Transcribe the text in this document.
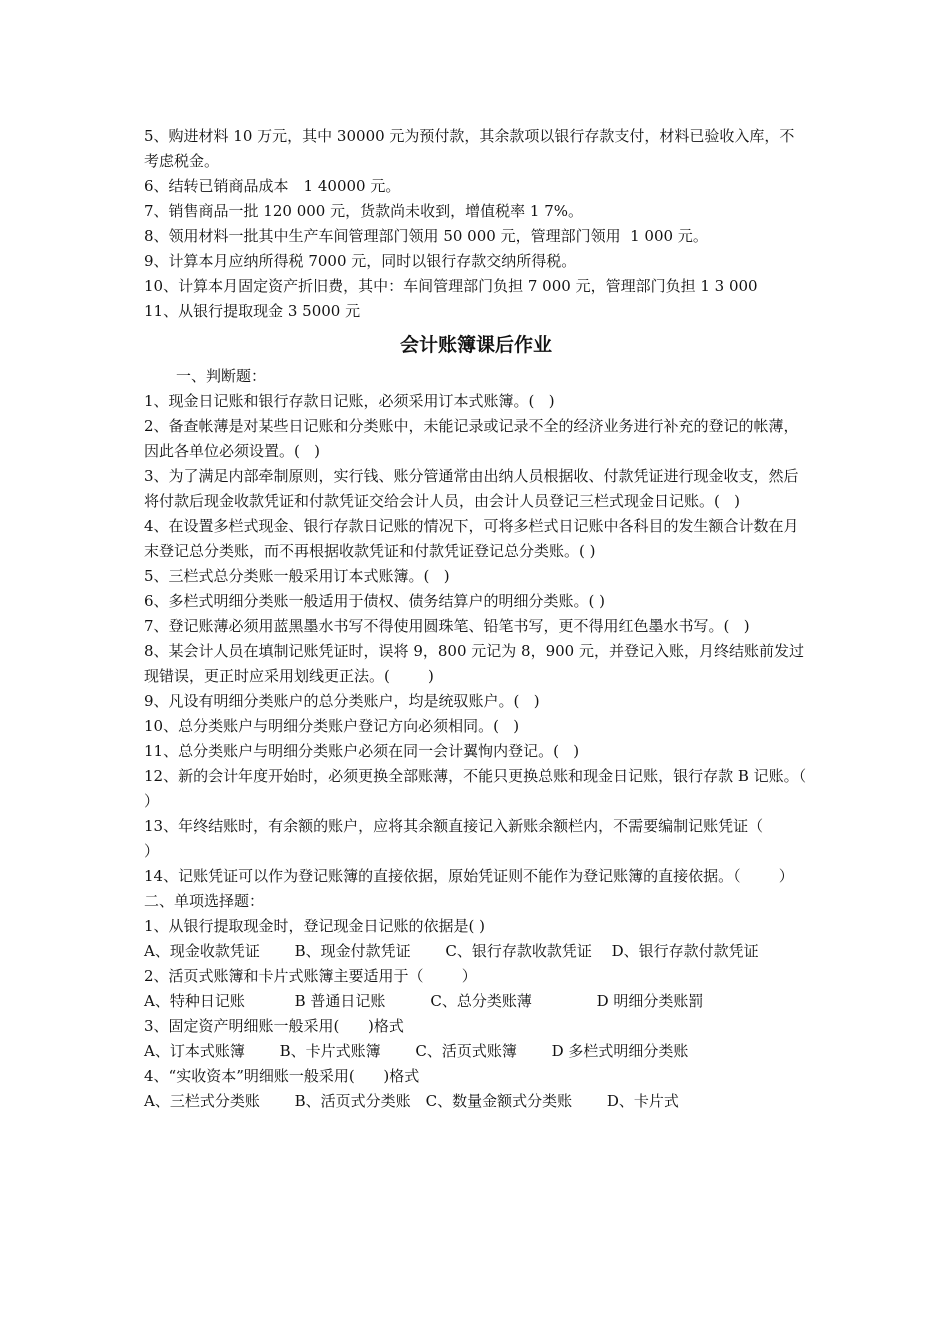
5、购进材料 10 万元，其中 30000 元为预付款，其余款项以银行存款支付，材料已验收入库，不考虑税金。
6、结转已销商品成本　1 40000 元。
7、销售商品一批 120 000 元，货款尚未收到，增值税率 1 7%。
8、领用材料一批其中生产车间管理部门领用 50 000 元，管理部门领用  1 000 元。
9、计算本月应纳所得税 7000 元，同时以银行存款交纳所得税。
10、计算本月固定资产折旧费，其中：车间管理部门负担 7 000 元，管理部门负担 1 3 000
11、从银行提取现金 3 5000 元
会计账簿课后作业
一、判断题：
1、现金日记账和银行存款日记账，必须采用订本式账簿。(   )
2、备查帐薄是对某些日记账和分类账中，未能记录或记录不全的经济业务进行补充的登记的帐薄，因此各单位必须设置。(   )
3、为了满足内部牵制原则，实行钱、账分管通常由出纳人员根据收、付款凭证进行现金收支，然后将付款后现金收款凭证和付款凭证交给会计人员，由会计人员登记三栏式现金日记账。(   )
4、在设置多栏式现金、银行存款日记账的情况下，可将多栏式日记账中各科目的发生额合计数在月末登记总分类账，而不再根据收款凭证和付款凭证登记总分类账。( )
5、三栏式总分类账一般采用订本式账簿。(   )
6、多栏式明细分类账一般适用于债权、债务结算户的明细分类账。( )
7、登记账薄必须用蓝黑墨水书写不得使用圆珠笔、铅笔书写，更不得用红色墨水书写。(   )
8、某会计人员在填制记账凭证时，误将 9，800 元记为 8，900 元，并登记入账，月终结账前发过现错误，更正时应采用划线更正法。(        )
9、凡设有明细分类账户的总分类账户，均是统驭账户。(   )
10、总分类账户与明细分类账户登记方向必须相同。(   )
11、总分类账户与明细分类账户必须在同一会计翼恂内登记。(   )
12、新的会计年度开始时，必须更换全部账薄，不能只更换总账和现金日记账，银行存款 B 记账。（        ）
13、年终结账时，有余额的账户，应将其余额直接记入新账余额栏内，不需要编制记账凭证（        ）
14、记账凭证可以作为登记账簿的直接依据，原始凭证则不能作为登记账簿的直接依据。（        ）
二、单项选择题：
1、从银行提取现金时，登记现金日记账的依据是( )
A、现金收款凭证　　 B、现金付款凭证　　 C、银行存款收款凭证　 D、银行存款付款凭证
2、活页式账簿和卡片式账簿主要适用于（        ）
A、特种日记账　　　 B 普通日记账　　　C、总分类账薄　　　　 D 明细分类账罰
3、固定资产明细账一般采用(      )格式
A、订本式账簿　　 B、卡片式账簿　　 C、活页式账簿　　 D 多栏式明细分类账
4、“实收资本”明细账一般采用(      )格式
A、三栏式分类账　　 B、活页式分类账　C、数量金额式分类账　　 D、卡片式
